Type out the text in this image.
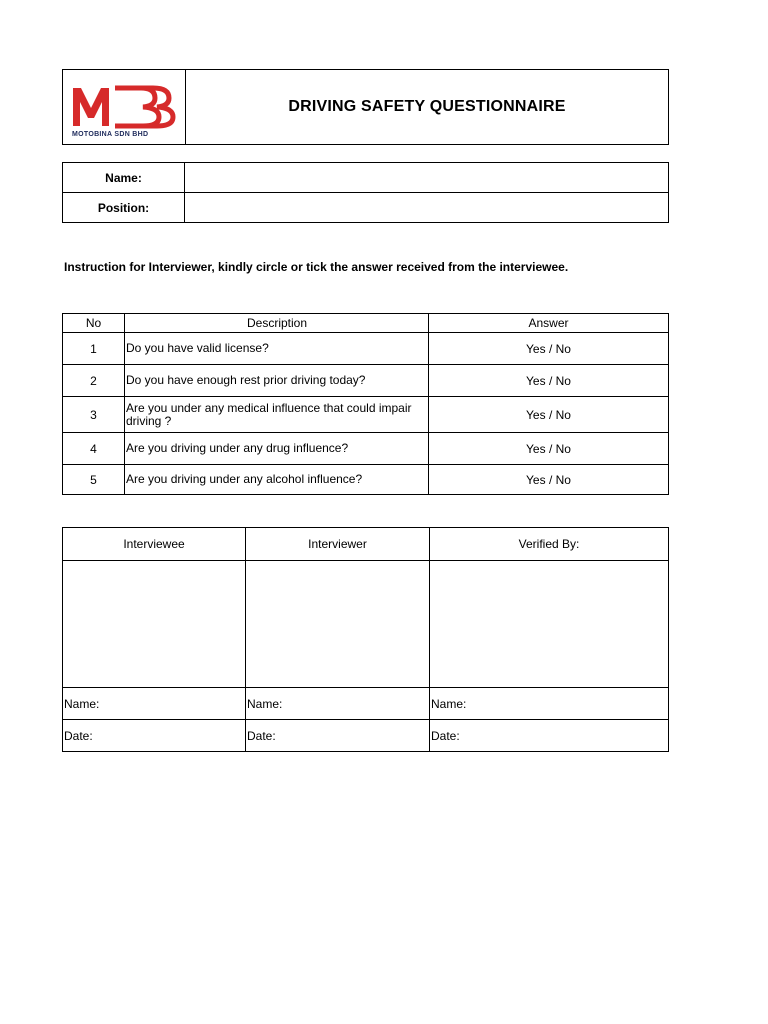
MOTOBINA SDN BHD
DRIVING SAFETY QUESTIONNAIRE
Name:	
Position:	
Instruction for Interviewer, kindly circle or tick the answer received from the interviewee.
No	Description	Answer
1	Do you have valid license?	Yes / No
2	Do you have enough rest prior driving today?	Yes / No
3	Are you under any medical influence that could impair driving ?	Yes / No
4	Are you driving under any drug influence?	Yes / No
5	Are you driving under any alcohol influence?	Yes / No
Interviewee	Interviewer	Verified By:

Name:	Name:	Name:
Date:	Date:	Date:
